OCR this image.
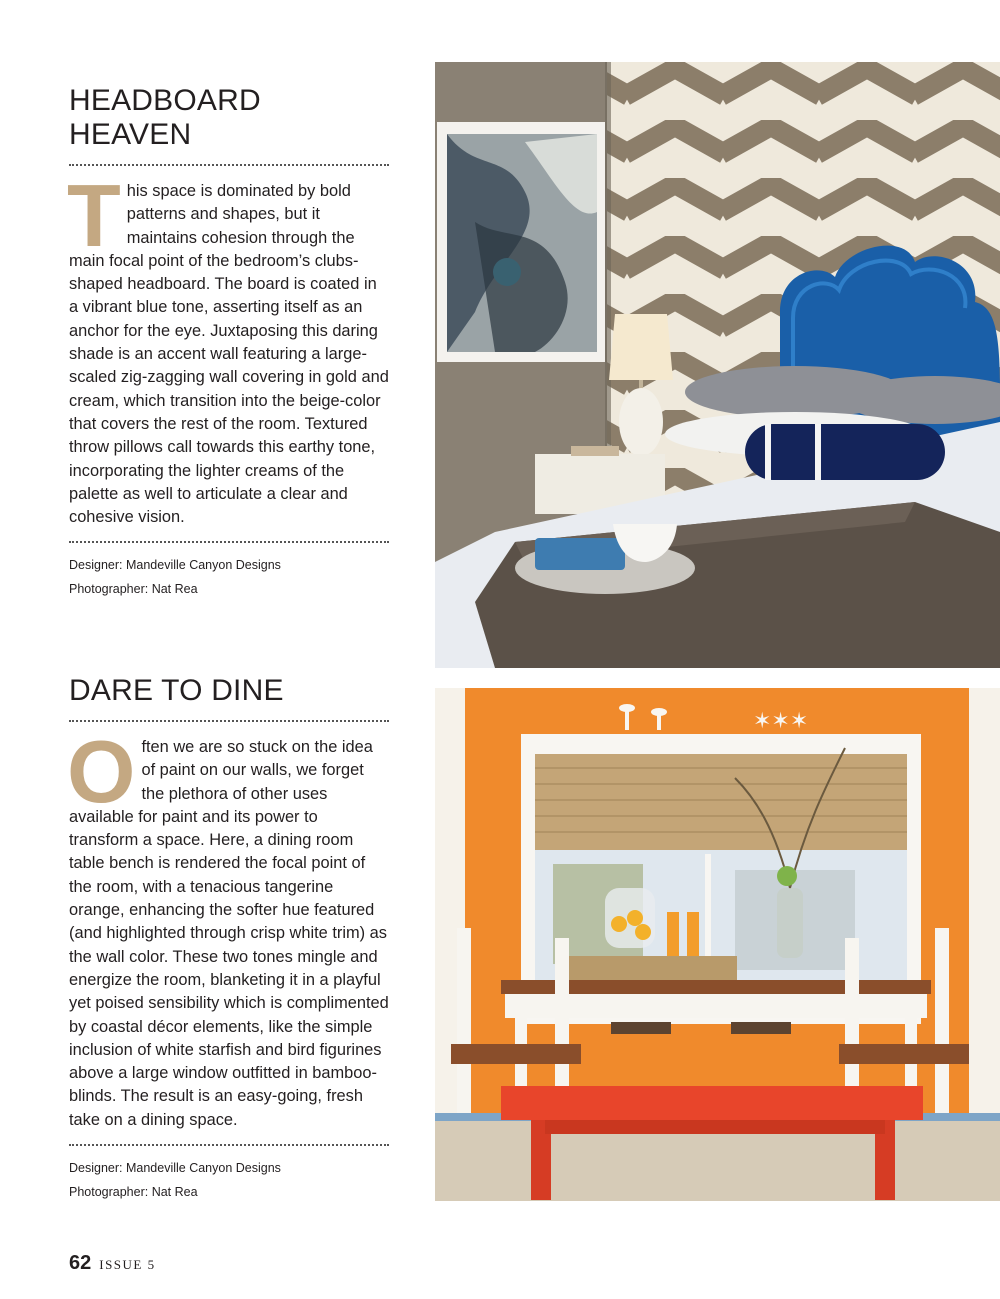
HEADBOARD HEAVEN

This space is dominated by bold patterns and shapes, but it maintains cohesion through the main focal point of the bedroom’s clubs-shaped headboard. The board is coated in a vibrant blue tone, asserting itself as an anchor for the eye. Juxtaposing this daring shade is an accent wall featuring a large-scaled zig-zagging wall covering in gold and cream, which transition into the beige-color that covers the rest of the room. Textured throw pillows call towards this earthy tone, incorporating the lighter creams of the palette as well to articulate a clear and cohesive vision.

Designer: Mandeville Canyon Designs
Photographer: Nat Rea
DARE TO DINE

Often we are so stuck on the idea of paint on our walls, we forget the plethora of other uses available for paint and its power to transform a space. Here, a dining room table bench is rendered the focal point of the room, with a tenacious tangerine orange, enhancing the softer hue featured (and highlighted through crisp white trim) as the wall color. These two tones mingle and energize the room, blanketing it in a playful yet poised sensibility which is complimented by coastal décor elements, like the simple inclusion of white starfish and bird figurines above a large window outfitted in bamboo-blinds. The result is an easy-going, fresh take on a dining space.

Designer: Mandeville Canyon Designs
Photographer: Nat Rea
✶✶✶
62 ISSUE 5
